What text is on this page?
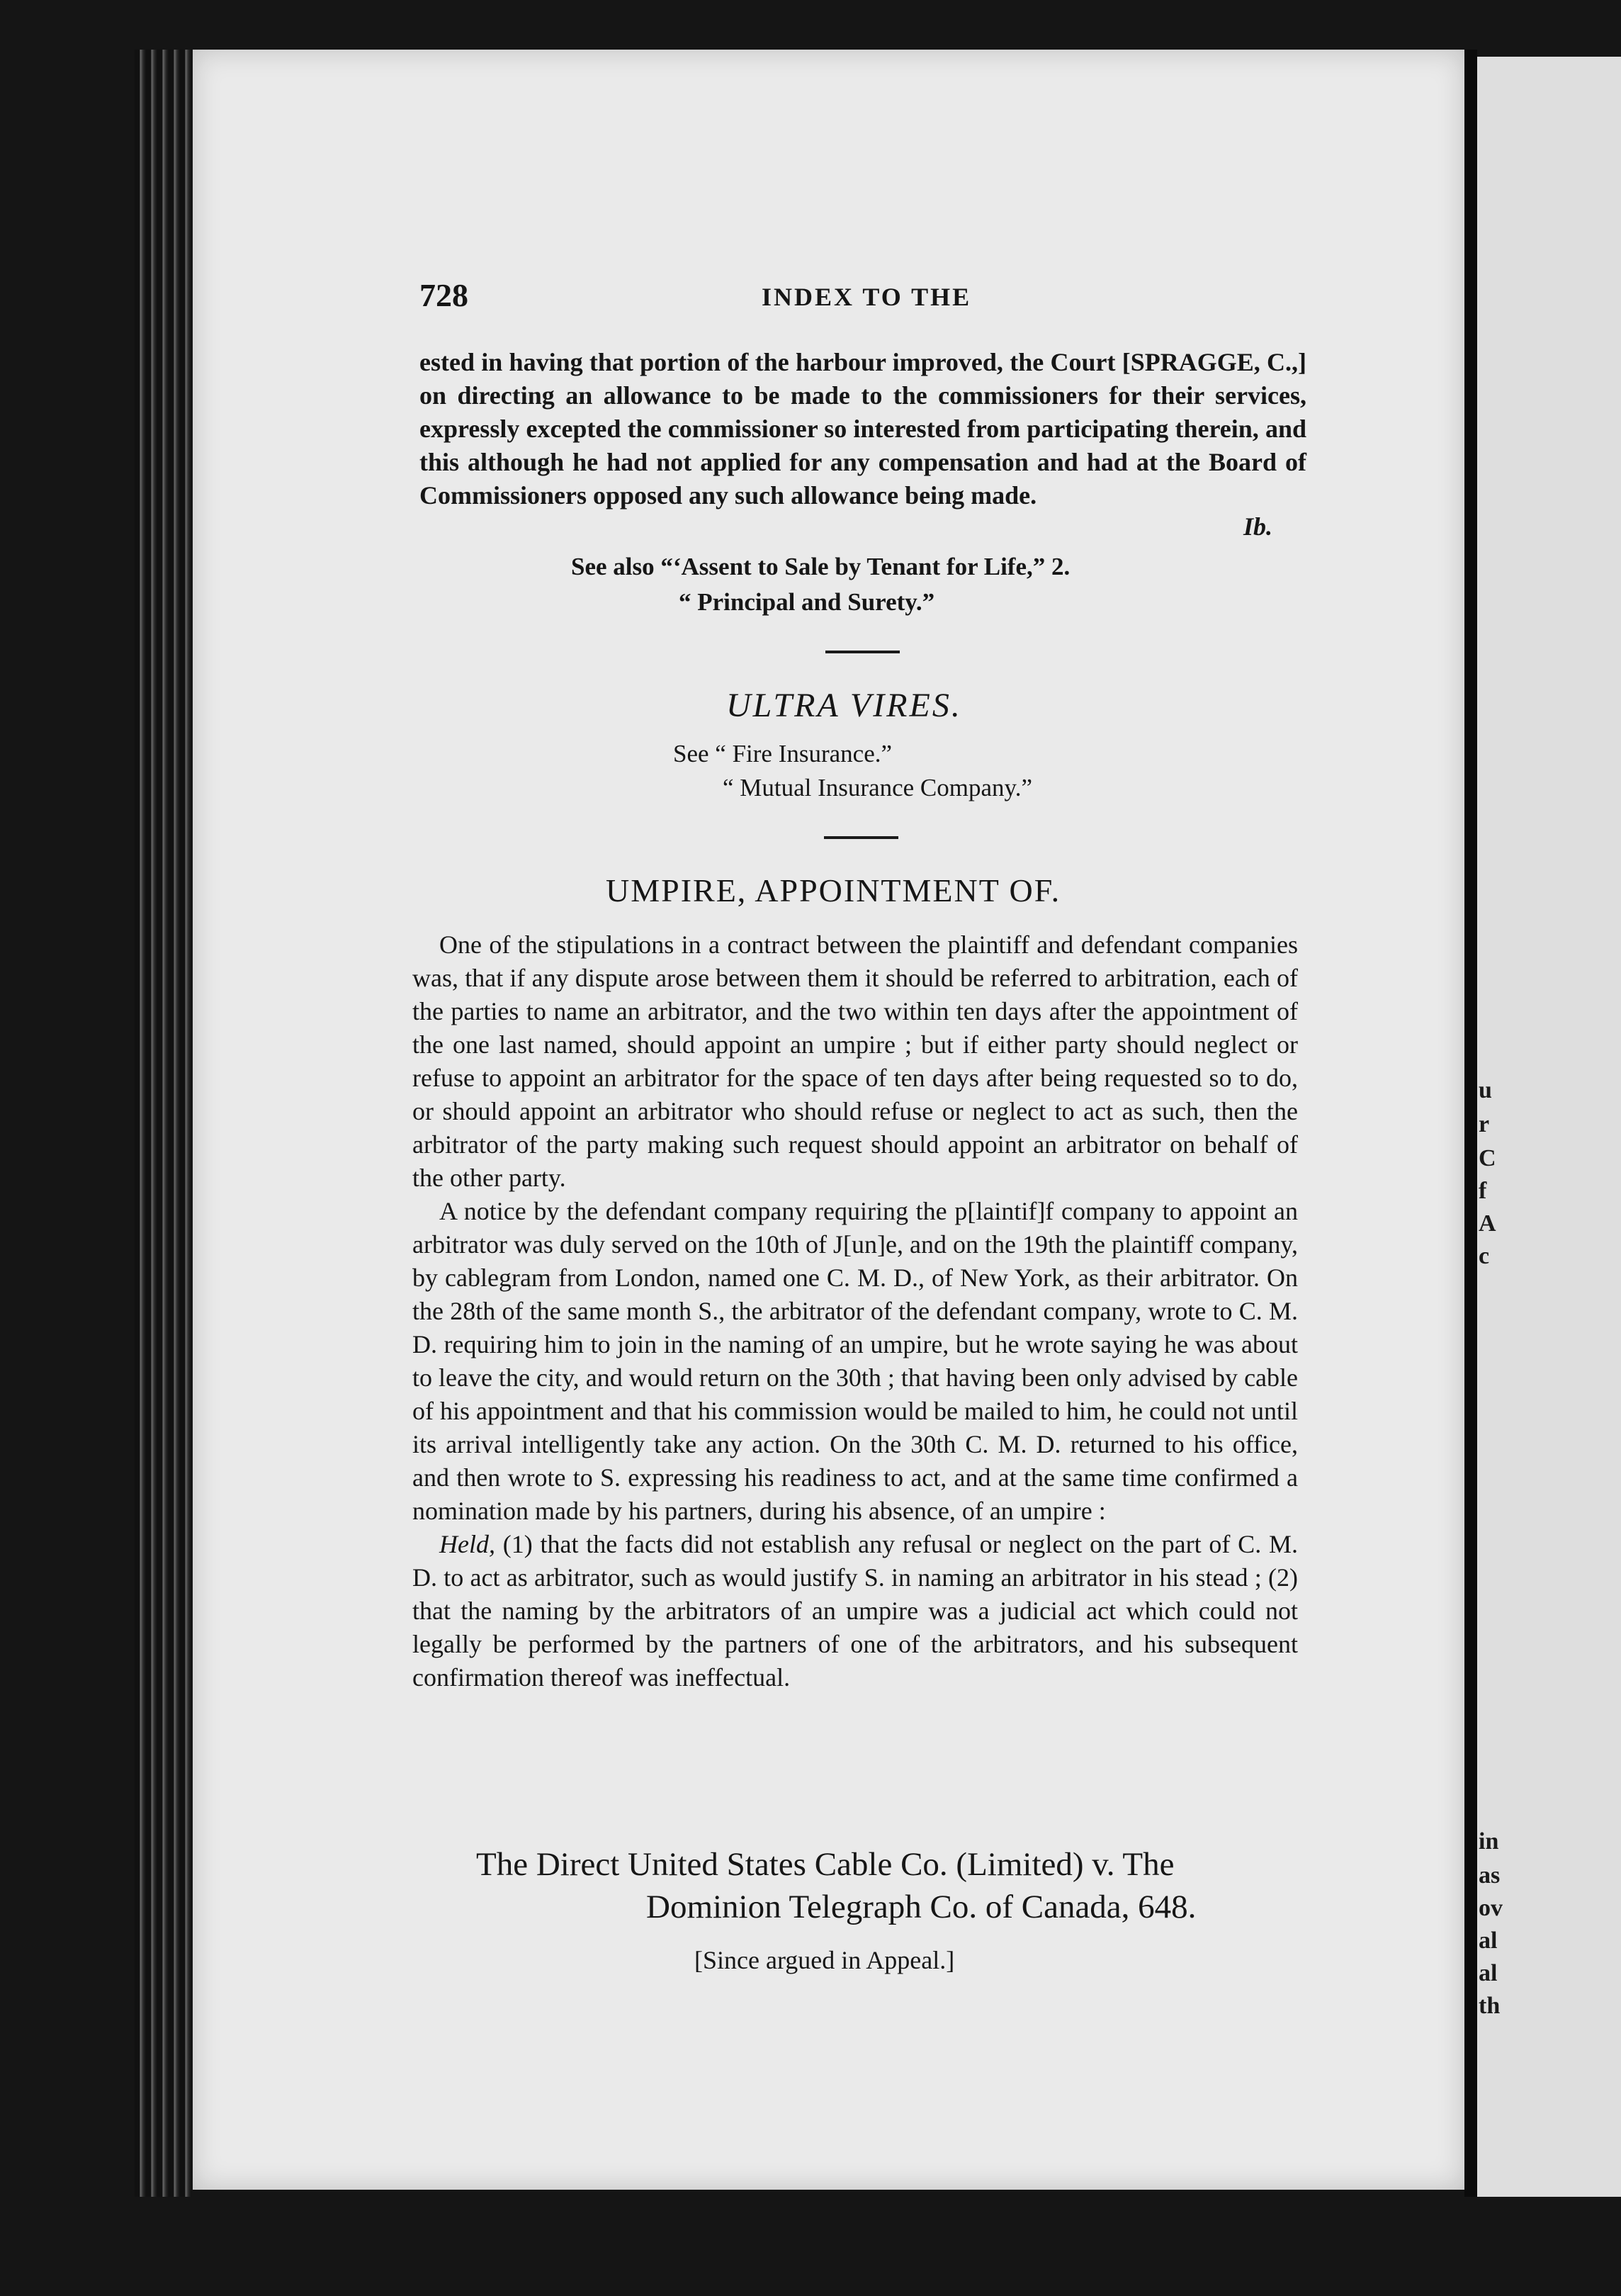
u
r
C
f
A
c
in
as
ov
al
al
th
728	INDEX TO THE
ested in having that portion of the harbour improved, the Court [SPRAGGE, C.,] on directing an allowance to be made to the commissioners for their services, expressly excepted the commissioner so interested from participating therein, and this although he had not applied for any compensation and had at the Board of Commissioners opposed any such allowance being made.
Ib.
See also “‘Assent to Sale by Tenant for Life,” 2.
“ Principal and Surety.”
ULTRA VIRES.
See “ Fire Insurance.”
“ Mutual Insurance Company.”
UMPIRE, APPOINTMENT OF.

One of the stipulations in a contract between the plaintiff and defendant companies was, that if any dispute arose between them it should be referred to arbitration, each of the parties to name an arbitrator, and the two within ten days after the appointment of the one last named, should appoint an umpire ; but if either party should neglect or refuse to appoint an arbitrator for the space of ten days after being requested so to do, or should appoint an arbitrator who should refuse or neglect to act as such, then the arbitrator of the party making such request should appoint an arbitrator on behalf of the other party.

A notice by the defendant company requiring the p[laintif]f company to appoint an arbitrator was duly served on the 10th of J[un]e, and on the 19th the plaintiff company, by cablegram from London, named one C. M. D., of New York, as their arbitrator. On the 28th of the same month S., the arbitrator of the defendant company, wrote to C. M. D. requiring him to join in the naming of an umpire, but he wrote saying he was about to leave the city, and would return on the 30th ; that having been only advised by cable of his appointment and that his commission would be mailed to him, he could not until its arrival intelligently take any action. On the 30th C. M. D. returned to his office, and then wrote to S. expressing his readiness to act, and at the same time confirmed a nomination made by his partners, during his absence, of an umpire :

Held, (1) that the facts did not establish any refusal or neglect on the part of C. M. D. to act as arbitrator, such as would justify S. in naming an arbitrator in his stead ; (2) that the naming by the arbitrators of an umpire was a judicial act which could not legally be performed by the partners of one of the arbitrators, and his subsequent confirmation thereof was ineffectual.

The Direct United States Cable Co. (Limited) v. The
Dominion Telegraph Co. of Canada, 648.
[Since argued in Appeal.]
